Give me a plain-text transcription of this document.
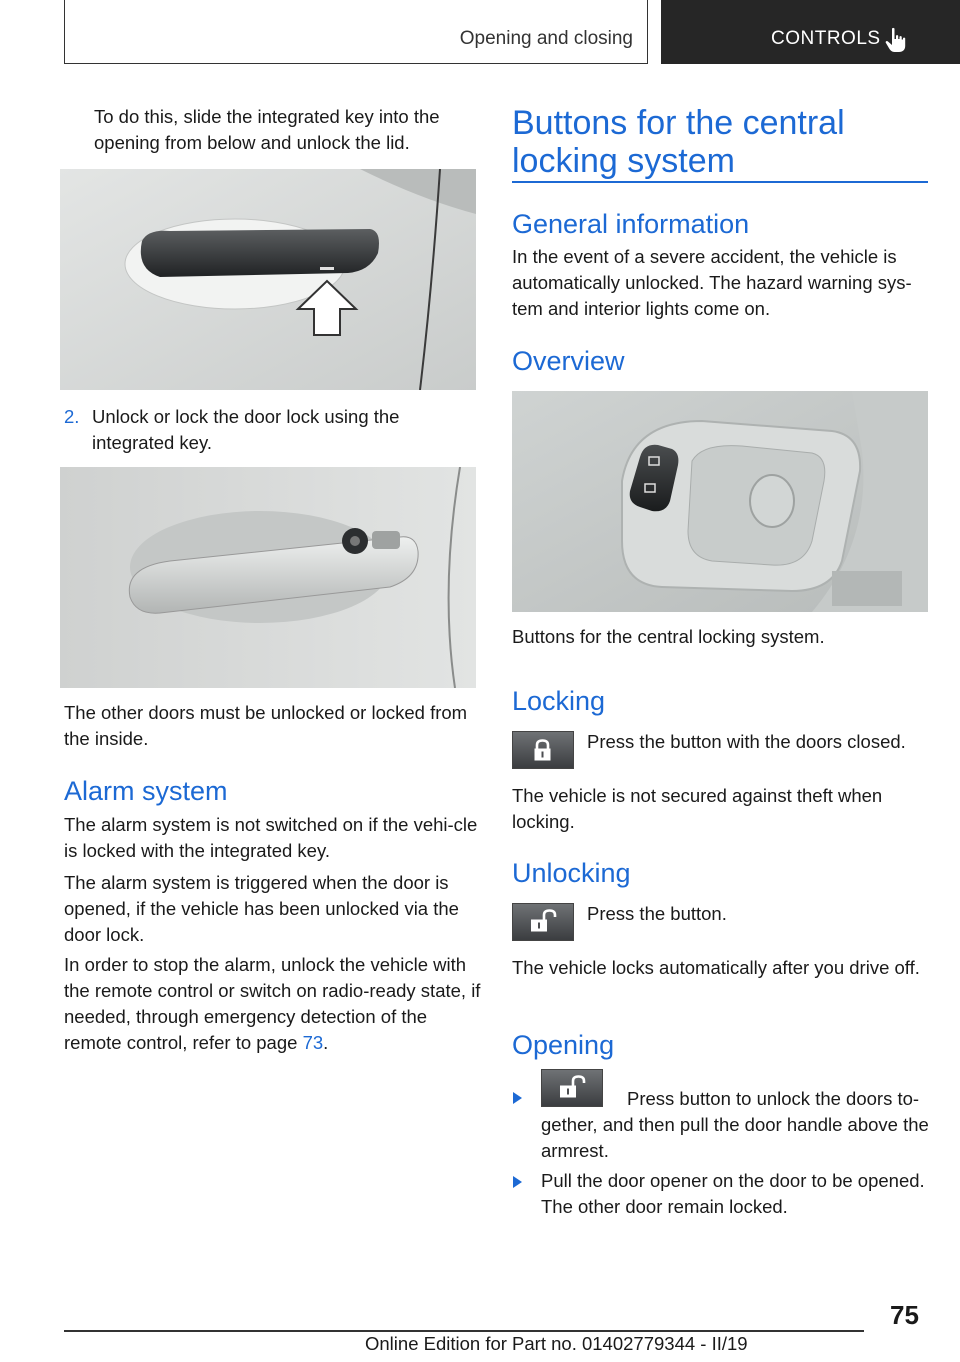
Opening and closing	CONTROLS

To do this, slide the integrated key into the opening from below and unlock the lid.

2. Unlock or lock the door lock using the integrated key.

The other doors must be unlocked or locked from the inside.

Alarm system

The alarm system is not switched on if the vehi-cle is locked with the integrated key.

The alarm system is triggered when the door is opened, if the vehicle has been unlocked via the door lock.

In order to stop the alarm, unlock the vehicle with the remote control or switch on radio-ready state, if needed, through emergency detection of the remote control, refer to page 73.

Buttons for the central locking system
General information

In the event of a severe accident, the vehicle is automatically unlocked. The hazard warning sys-tem and interior lights come on.

Overview

Buttons for the central locking system.

Locking

Press the button with the doors closed.

The vehicle is not secured against theft when locking.

Unlocking

Press the button.

The vehicle locks automatically after you drive off.

Opening

Press button to unlock the doors to-gether, and then pull the door handle above the armrest.

Pull the door opener on the door to be opened. The other door remain locked.

75
Online Edition for Part no. 01402779344 - II/19
